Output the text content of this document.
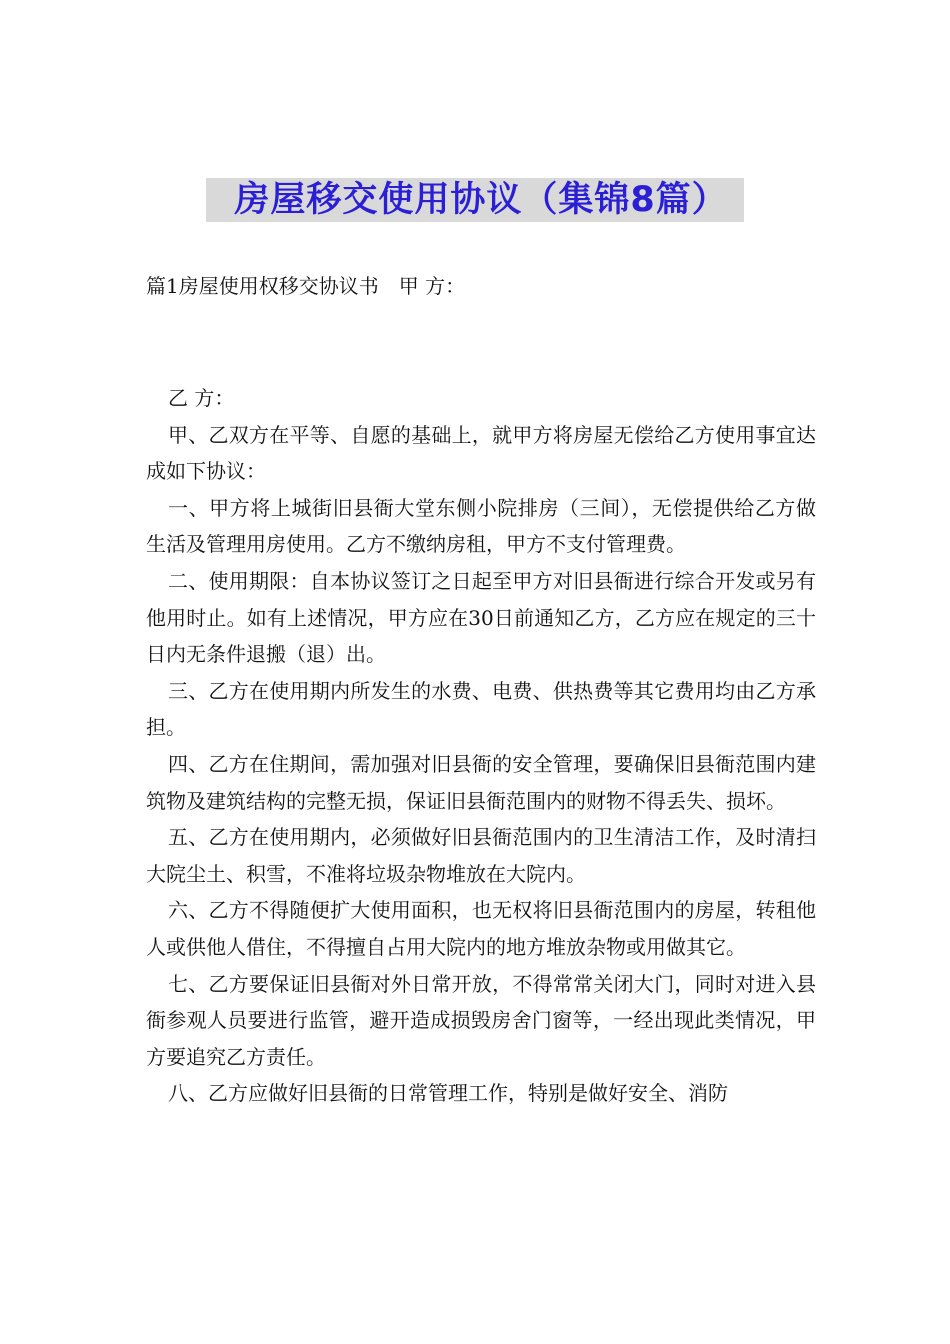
房屋移交使用协议（集锦8篇）
篇1房屋使用权移交协议书　甲 方：

乙 方：

甲、乙双方在平等、自愿的基础上，就甲方将房屋无偿给乙方使用事宜达成如下协议：

一、甲方将上城街旧县衙大堂东侧小院排房（三间），无偿提供给乙方做生活及管理用房使用。乙方不缴纳房租，甲方不支付管理费。

二、使用期限：自本协议签订之日起至甲方对旧县衙进行综合开发或另有他用时止。如有上述情况，甲方应在30日前通知乙方，乙方应在规定的三十日内无条件退搬（退）出。

三、乙方在使用期内所发生的水费、电费、供热费等其它费用均由乙方承担。

四、乙方在住期间，需加强对旧县衙的安全管理，要确保旧县衙范围内建筑物及建筑结构的完整无损，保证旧县衙范围内的财物不得丢失、损坏。

五、乙方在使用期内，必须做好旧县衙范围内的卫生清洁工作，及时清扫大院尘土、积雪，不准将垃圾杂物堆放在大院内。

六、乙方不得随便扩大使用面积，也无权将旧县衙范围内的房屋，转租他人或供他人借住，不得擅自占用大院内的地方堆放杂物或用做其它。

七、乙方要保证旧县衙对外日常开放，不得常常关闭大门，同时对进入县衙参观人员要进行监管，避开造成损毁房舍门窗等，一经出现此类情况，甲方要追究乙方责任。

八、乙方应做好旧县衙的日常管理工作，特别是做好安全、消防
